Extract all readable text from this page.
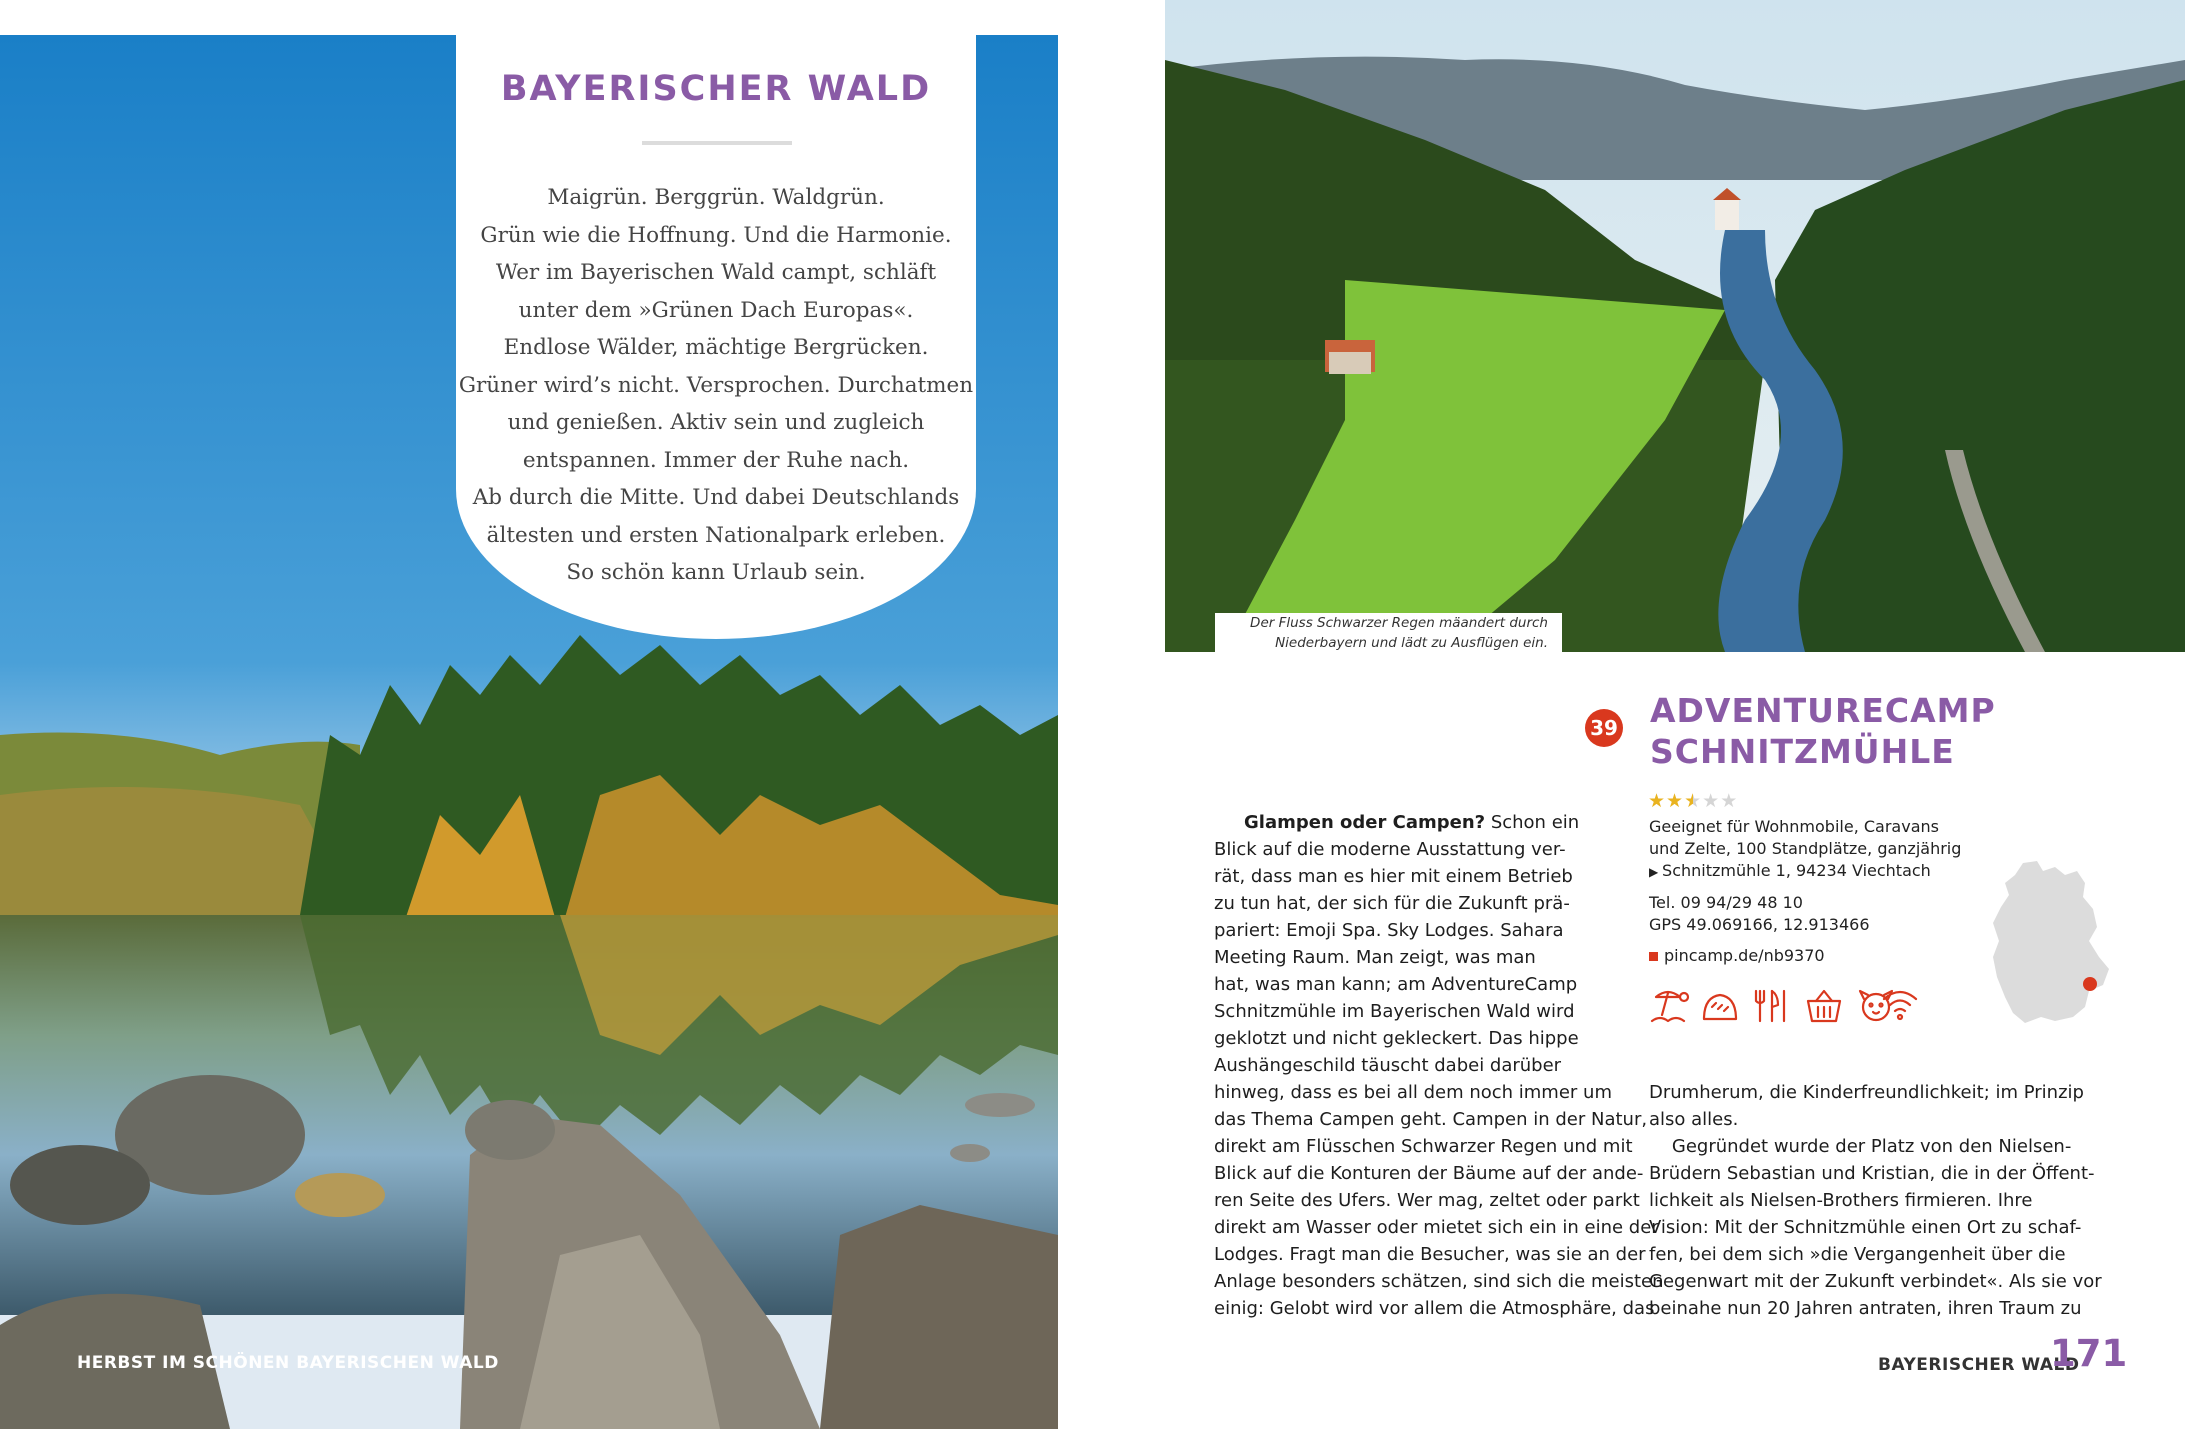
BAYERISCHER WALD
Maigrün. Berggrün. Waldgrün.
Grün wie die Hoffnung. Und die Harmonie.
Wer im Bayerischen Wald campt, schläft
unter dem »Grünen Dach Europas«.
Endlose Wälder, mächtige Bergrücken.
Grüner wird’s nicht. Versprochen. Durchatmen
und genießen. Aktiv sein und zugleich
entspannen. Immer der Ruhe nach.
Ab durch die Mitte. Und dabei Deutschlands
ältesten und ersten Nationalpark erleben.
So schön kann Urlaub sein.
HERBST IM SCHÖNEN BAYERISCHEN WALD
Der Fluss Schwarzer Regen mäandert durch
Niederbayern und lädt zu Ausflügen ein.
39 ADVENTURECAMP
SCHNITZMÜHLE
★★★★★
Geeignet für Wohnmobile, Caravans
und Zelte, 100 Standplätze, ganzjährig
▶ Schnitzmühle 1, 94234 Viechtach
Tel. 09 94/29 48 10
GPS 49.069166, 12.913466
pincamp.de/nb9370
Glampen oder Campen? Schon ein
Blick auf die moderne Ausstattung ver-
rät, dass man es hier mit einem Betrieb
zu tun hat, der sich für die Zukunft prä-
pariert: Emoji Spa. Sky Lodges. Sahara
Meeting Raum. Man zeigt, was man
hat, was man kann; am AdventureCamp
Schnitzmühle im Bayerischen Wald wird
geklotzt und nicht gekleckert. Das hippe
Aushängeschild täuscht dabei darüber
hinweg, dass es bei all dem noch immer um
das Thema Campen geht. Campen in der Natur,
direkt am Flüsschen Schwarzer Regen und mit
Blick auf die Konturen der Bäume auf der ande-
ren Seite des Ufers. Wer mag, zeltet oder parkt
direkt am Wasser oder mietet sich ein in eine der
Lodges. Fragt man die Besucher, was sie an der
Anlage besonders schätzen, sind sich die meisten
einig: Gelobt wird vor allem die Atmosphäre, das
Drumherum, die Kinderfreundlichkeit; im Prinzip
also alles.
Gegründet wurde der Platz von den Nielsen-
Brüdern Sebastian und Kristian, die in der Öffent-
lichkeit als Nielsen-Brothers firmieren. Ihre
Vision: Mit der Schnitzmühle einen Ort zu schaf-
fen, bei dem sich »die Vergangenheit über die
Gegenwart mit der Zukunft verbindet«. Als sie vor
beinahe nun 20 Jahren antraten, ihren Traum zu
BAYERISCHER WALD
171
